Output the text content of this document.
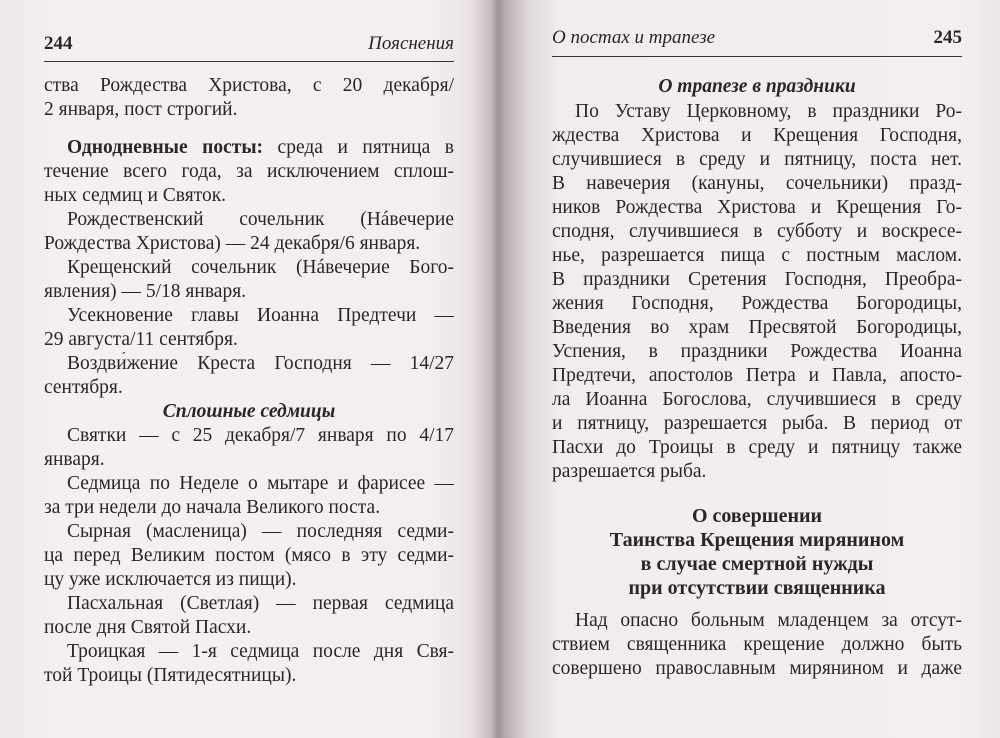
244	Пояснения
ства Рождества Христова, с 20 декабря/
2 января, пост строгий.
Однодневные посты: среда и пятница в
течение всего года, за исключением сплош-
ных седмиц и Святок.
Рождественский сочельник (Háвечерие
Рождества Христова) — 24 декабря/6 января.
Крещенский сочельник (Háвечерие Бого-
явления) — 5/18 января.
Усекновение главы Иоанна Предтечи —
29 августа/11 сентября.
Воздви́жение Креста Господня — 14/27
сентября.
Сплошные седмицы
Святки — с 25 декабря/7 января по 4/17
января.
Седмица по Неделе о мытаре и фарисее —
за три недели до начала Великого поста.
Сырная (масленица) — последняя седми-
ца перед Великим постом (мясо в эту седми-
цу уже исключается из пищи).
Пасхальная (Светлая) — первая седмица
после дня Святой Пасхи.
Троицкая — 1-я седмица после дня Свя-
той Троицы (Пятидесятницы).
О постах и трапезе	245
О трапезе в праздники
По Уставу Церковному, в праздники Ро-
ждества Христова и Крещения Господня,
случившиеся в среду и пятницу, поста нет.
В навечерия (кануны, сочельники) празд-
ников Рождества Христова и Крещения Го-
сподня, случившиеся в субботу и воскресе-
нье, разрешается пища с постным маслом.
В праздники Сретения Господня, Преобра-
жения Господня, Рождества Богородицы,
Введения во храм Пресвятой Богородицы,
Успения, в праздники Рождества Иоанна
Предтечи, апостолов Петра и Павла, апосто-
ла Иоанна Богослова, случившиеся в среду
и пятницу, разрешается рыба. В период от
Пасхи до Троицы в среду и пятницу также
разрешается рыба.
О совершении
Таинства Крещения мирянином
в случае смертной нужды
при отсутствии священника
Над опасно больным младенцем за отсут-
ствием священника крещение должно быть
совершено православным мирянином и даже
